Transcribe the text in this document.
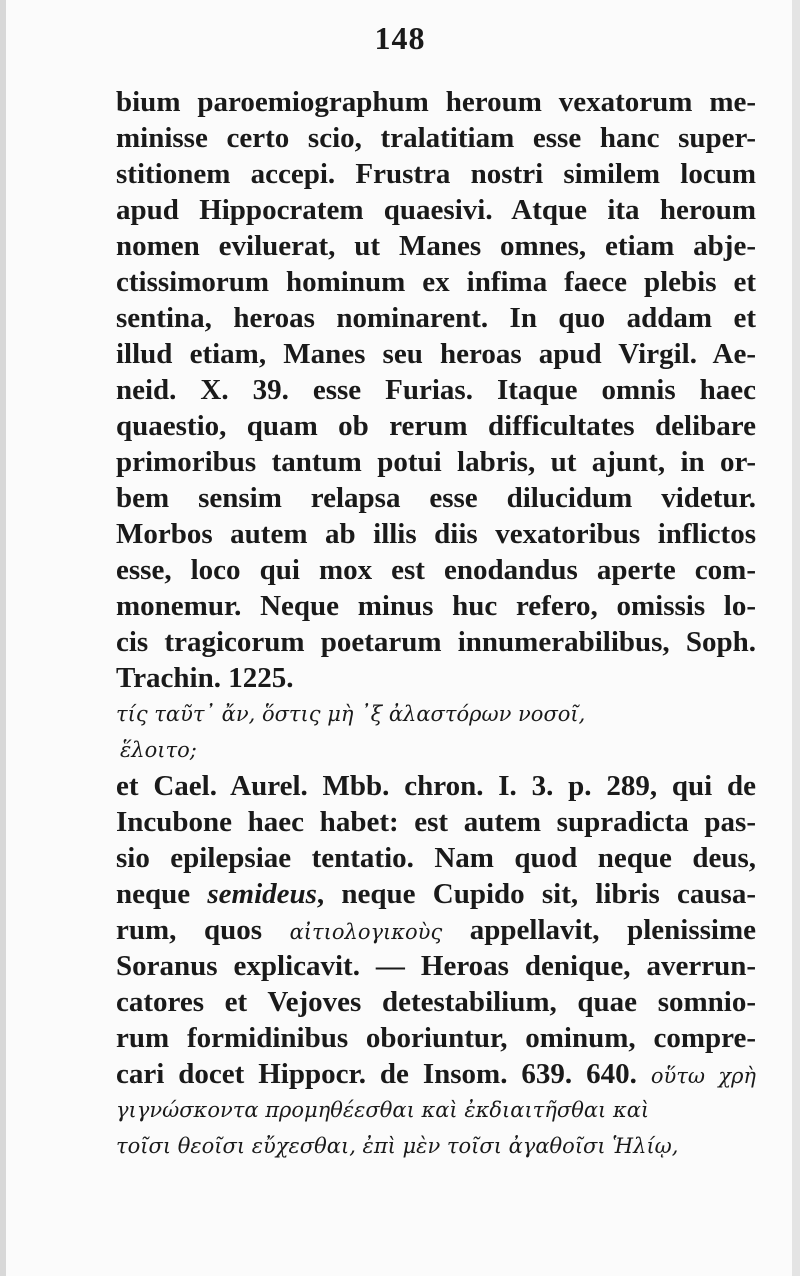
148
bium paroemiographum heroum vexatorum me-
minisse certo scio, tralatitiam esse hanc super-
stitionem accepi. Frustra nostri similem locum
apud Hippocratem quaesivi. Atque ita heroum
nomen eviluerat, ut Manes omnes, etiam abje-
ctissimorum hominum ex infima faece plebis et
sentina, heroas nominarent. In quo addam et
illud etiam, Manes seu heroas apud Virgil. Ae-
neid. X. 39. esse Furias. Itaque omnis haec
quaestio, quam ob rerum difficultates delibare
primoribus tantum potui labris, ut ajunt, in or-
bem sensim relapsa esse dilucidum videtur.
Morbos autem ab illis diis vexatoribus inflictos
esse, loco qui mox est enodandus aperte com-
monemur. Neque minus huc refero, omissis lo-
cis tragicorum poetarum innumerabilibus, Soph.
Trachin. 1225.
τίς ταῦτ᾽ ἄν, ὅστις μὴ ᾽ξ ἀλαστόρων νοσοῖ,
ἕλοιτο;
et Cael. Aurel. Mbb. chron. I. 3. p. 289, qui de
Incubone haec habet: est autem supradicta pas-
sio epilepsiae tentatio. Nam quod neque deus,
neque semideus, neque Cupido sit, libris causa-
rum, quos αἰτιολογικοὺς appellavit, plenissime
Soranus explicavit. — Heroas denique, averrun-
catores et Vejoves detestabilium, quae somnio-
rum formidinibus oboriuntur, ominum, compre-
cari docet Hippocr. de Insom. 639. 640. οὕτω χρὴ
γιγνώσκοντα προμηθέεσθαι καὶ ἐκδιαιτῆσθαι καὶ
τοῖσι θεοῖσι εὔχεσθαι, ἐπὶ μὲν τοῖσι ἀγαθοῖσι Ἡλίῳ,
